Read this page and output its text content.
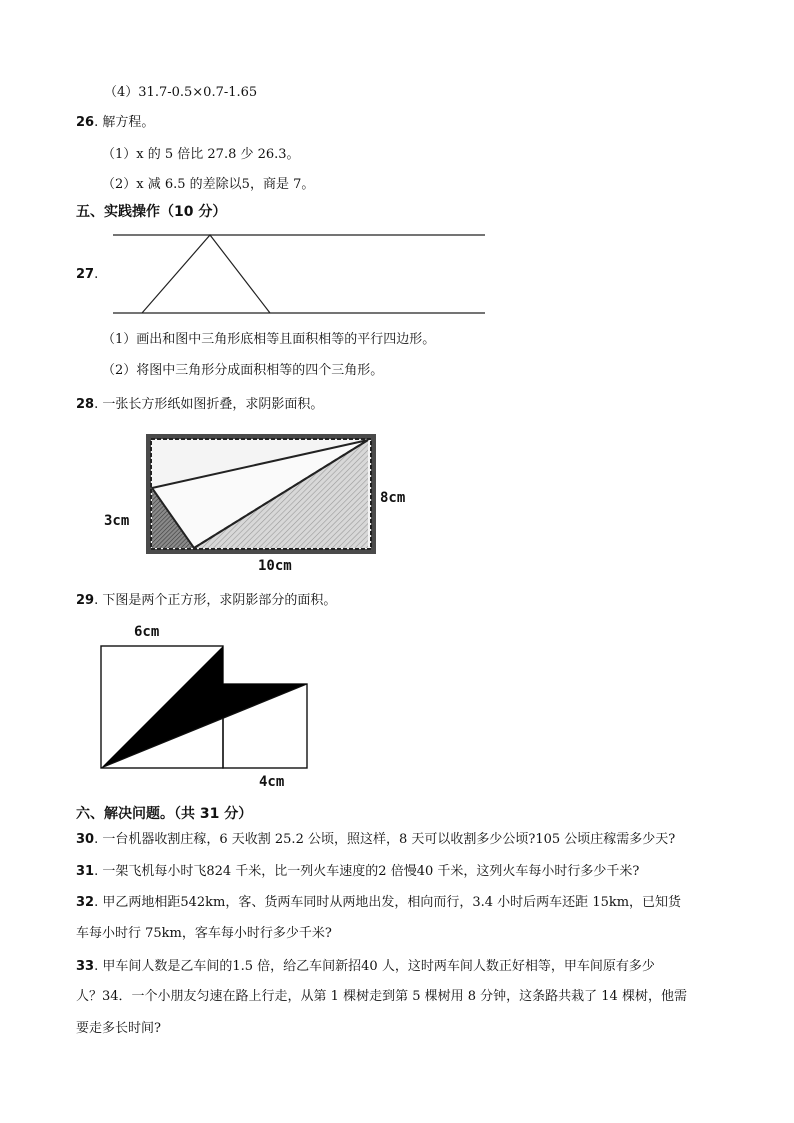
（4）31.7-0.5×0.7-1.65
26. 解方程。
（1）x 的 5 倍比 27.8 少 26.3。
（2）x 减 6.5 的差除以5，商是 7。
五、实践操作（10 分）
27.
（1）画出和图中三角形底相等且面积相等的平行四边形。
（2）将图中三角形分成面积相等的四个三角形。
28. 一张长方形纸如图折叠，求阴影面积。
3cm
8cm
10cm
29. 下图是两个正方形，求阴影部分的面积。
6cm
4cm
六、解决问题。（共 31 分）
30. 一台机器收割庄稼，6 天收割 25.2 公顷，照这样，8 天可以收割多少公顷?105 公顷庄稼需多少天?
31. 一架飞机每小时飞824 千米，比一列火车速度的2 倍慢40 千米，这列火车每小时行多少千米?
32. 甲乙两地相距542km，客、货两车同时从两地出发，相向而行，3.4 小时后两车还距 15km，已知货
车每小时行 75km，客车每小时行多少千米?
33. 甲车间人数是乙车间的1.5 倍，给乙车间新招40 人，这时两车间人数正好相等，甲车间原有多少
人？34．一个小朋友匀速在路上行走，从第 1 棵树走到第 5 棵树用 8 分钟，这条路共栽了 14 棵树，他需
要走多长时间?
